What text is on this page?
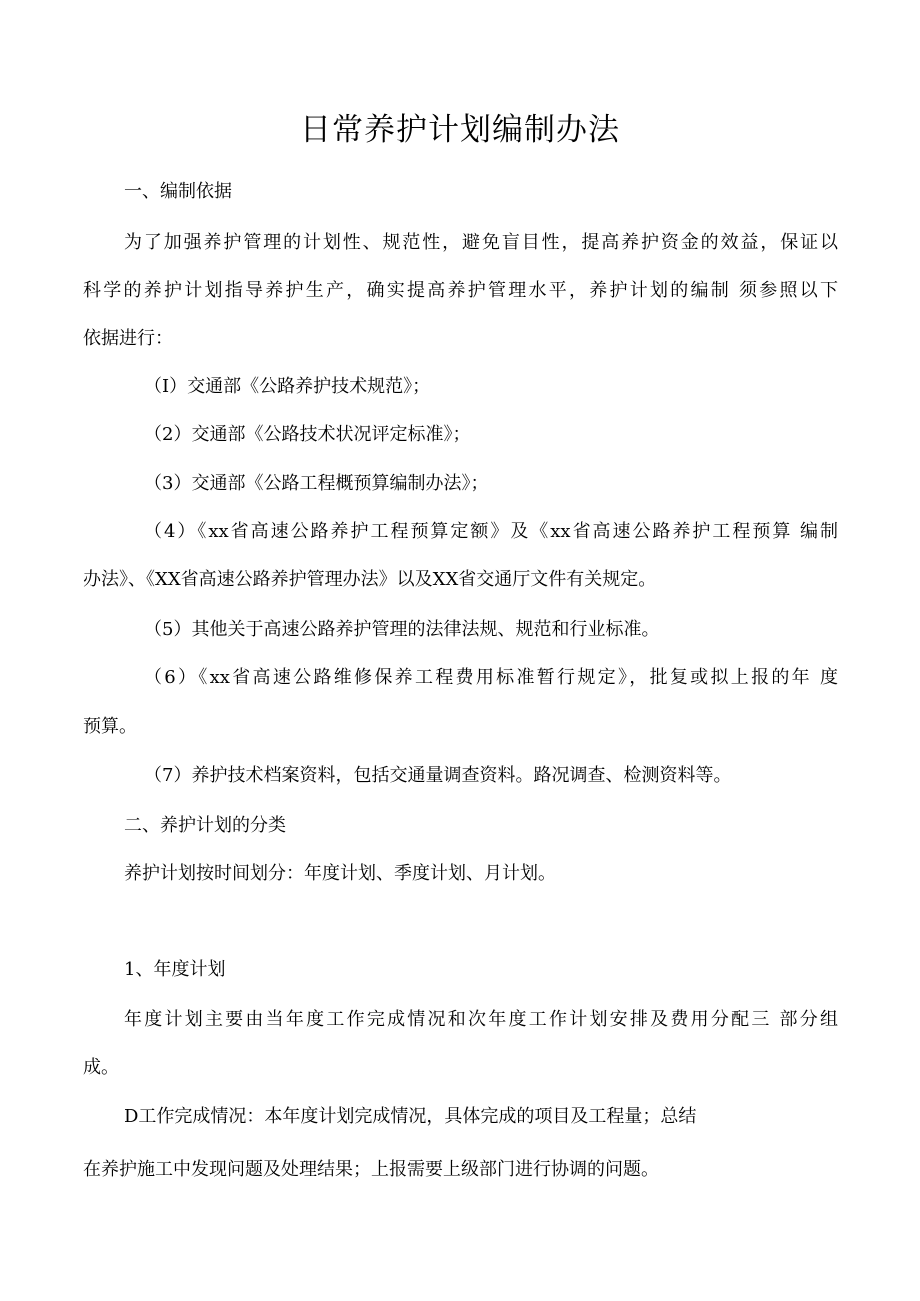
日常养护计划编制办法

一、编制依据

为了加强养护管理的计划性、规范性，避免盲目性，提高养护资金的效益，保证以

科学的养护计划指导养护生产，确实提高养护管理水平，养护计划的编制 须参照以下

依据进行：

（I）交通部《公路养护技术规范》；

（2）交通部《公路技术状况评定标准》；

（3）交通部《公路工程概预算编制办法》；

（4）《xx省高速公路养护工程预算定额》及《xx省高速公路养护工程预算 编制

办法》、《XX省高速公路养护管理办法》以及XX省交通厅文件有关规定。

（5）其他关于高速公路养护管理的法律法规、规范和行业标准。

（6）《xx省高速公路维修保养工程费用标准暂行规定》，批复或拟上报的年 度

预算。

（7）养护技术档案资料，包括交通量调查资料。路况调查、检测资料等。

二、养护计划的分类

养护计划按时间划分：年度计划、季度计划、月计划。

1、年度计划

年度计划主要由当年度工作完成情况和次年度工作计划安排及费用分配三 部分组

成。

D工作完成情况：本年度计划完成情况，具体完成的项目及工程量；总结

在养护施工中发现问题及处理结果；上报需要上级部门进行协调的问题。
